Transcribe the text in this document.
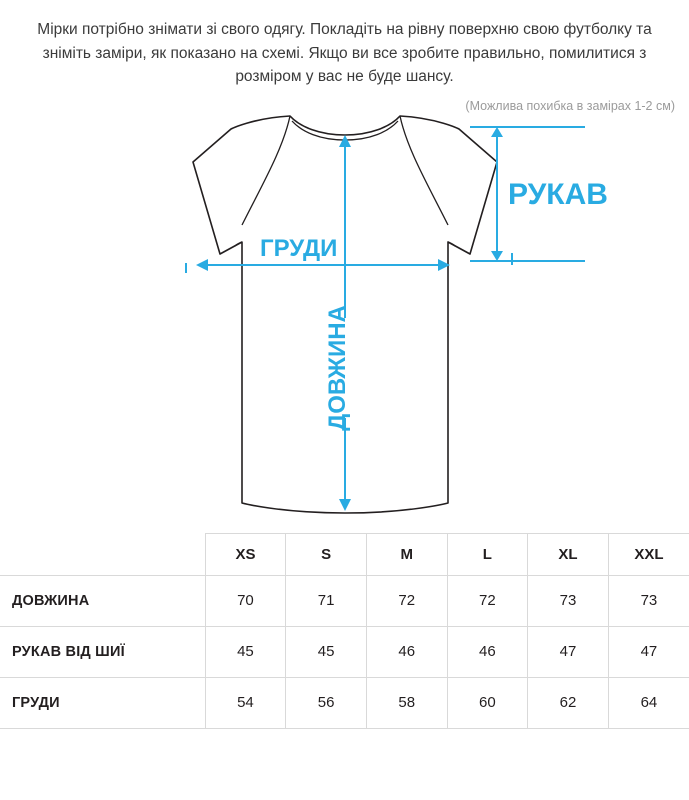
Мірки потрібно знімати зі свого одягу. Покладіть на рівну поверхню свою футболку та зніміть заміри, як показано на схемі. Якщо ви все зробите правильно, помилитися з розміром у вас не буде шансу.

(Можлива похибка в замірах 1-2 см)
РУКАВ
ГРУДИ
ДОВЖИНА
	XS	S	M	L	XL	XXL
ДОВЖИНА	70	71	72	72	73	73
РУКАВ ВІД ШИЇ	45	45	46	46	47	47
ГРУДИ	54	56	58	60	62	64
